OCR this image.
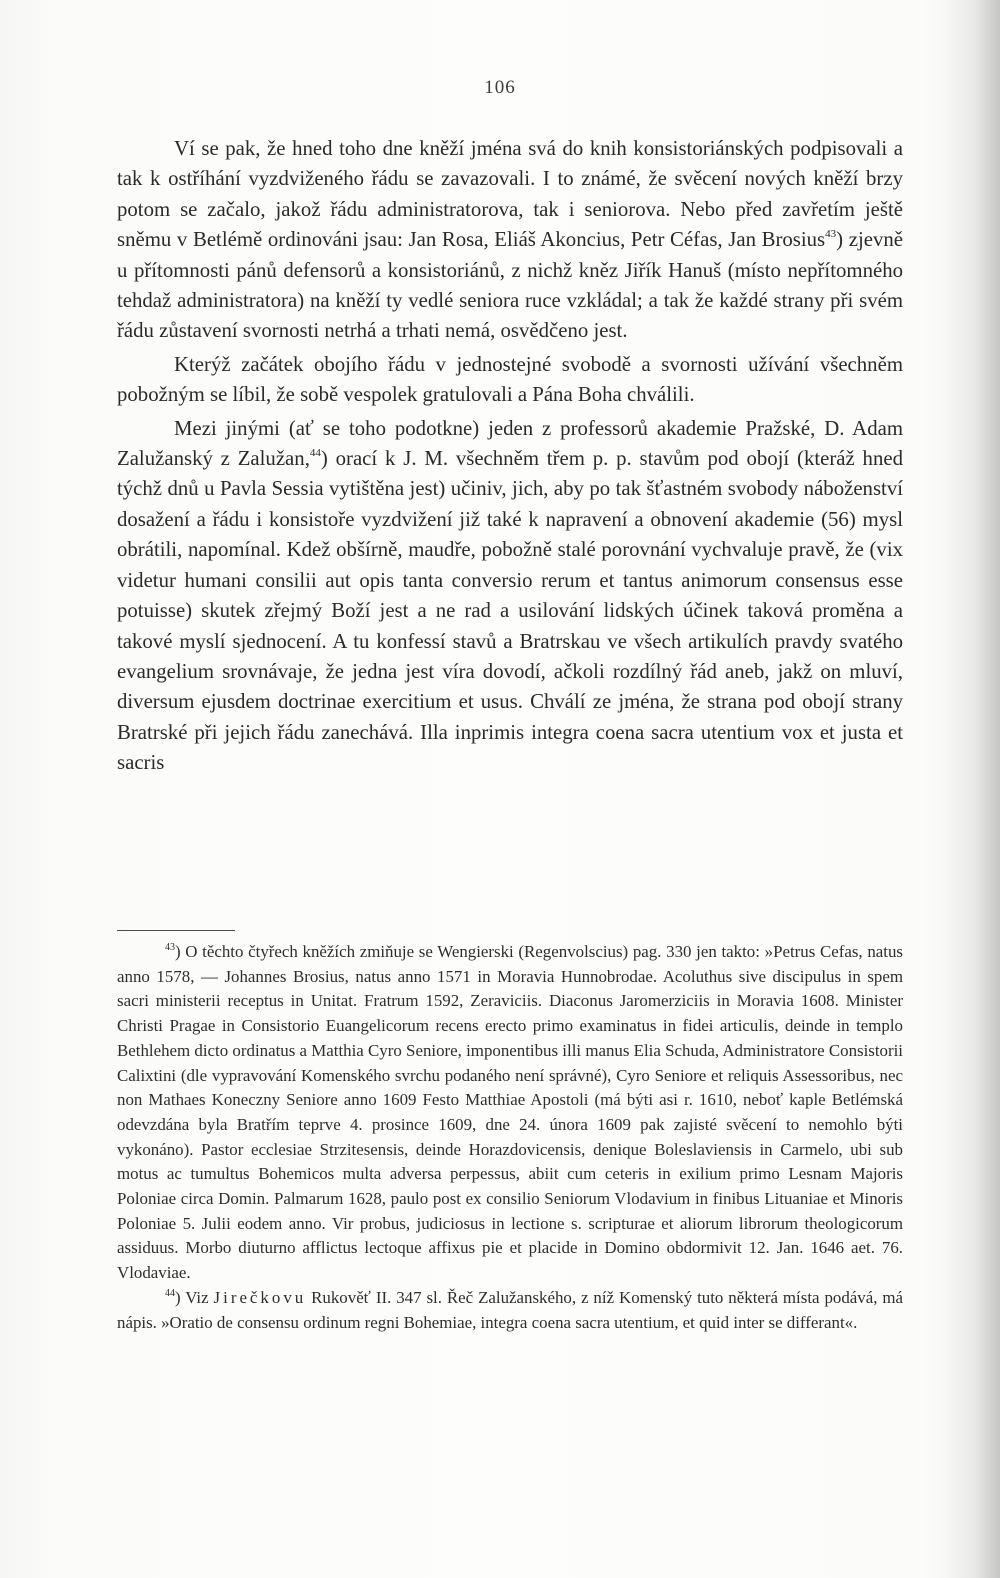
106

Ví se pak, že hned toho dne kněží jména svá do knih konsistoriánských podpisovali a tak k ostříhání vyzdviženého řádu se zavazovali. I to známé, že svěcení nových kněží brzy potom se začalo, jakož řádu administratorova, tak i seniorova. Nebo před zavřetím ještě sněmu v Betlémě ordinováni jsau: Jan Rosa, Eliáš Akoncius, Petr Céfas, Jan Brosius$^{43}$) zjevně u přítomnosti pánů defensorů a konsistoriánů, z nichž kněz Jiřík Hanuš (místo nepřítomného tehdaž administratora) na kněží ty vedlé seniora ruce vzkládal; a tak že každé strany při svém řádu zůstavení svornosti netrhá a trhati nemá, osvědčeno jest.

Kterýž začátek obojího řádu v jednostejné svobodě a svornosti užívání všechněm pobožným se líbil, že sobě vespolek gratulovali a Pána Boha chválili.

Mezi jinými (ať se toho podotkne) jeden z professorů akademie Pražské, D. Adam Zalužanský z Zalužan,$^{44}$) orací k J. M. všechněm třem p. p. stavům pod obojí (kteráž hned týchž dnů u Pavla Sessia vytištěna jest) učiniv, jich, aby po tak šťastném svobody náboženství dosažení a řádu i konsistoře vyzdvižení již také k napravení a obnovení akademie (56) mysl obrátili, napomínal. Kdež obšírně, maudře, pobožně stalé porovnání vychvaluje pravě, že (vix videtur humani consilii aut opis tanta conversio rerum et tantus animorum consensus esse potuisse) skutek zřejmý Boží jest a ne rad a usilování lidských účinek taková proměna a takové myslí sjednocení. A tu konfessí stavů a Bratrskau ve všech artikulích pravdy svatého evangelium srovnávaje, že jedna jest víra dovodí, ačkoli rozdílný řád aneb, jakž on mluví, diversum ejusdem doctrinae exercitium et usus. Chválí ze jména, že strana pod obojí strany Bratrské při jejich řádu zanechává. Illa inprimis integra coena sacra utentium vox et justa et sacris

$^{43}$) O těchto čtyřech kněžích zmiňuje se Wengierski (Regenvolscius) pag. 330 jen takto: »Petrus Cefas, natus anno 1578, — Johannes Brosius, natus anno 1571 in Moravia Hunnobrodae. Acoluthus sive discipulus in spem sacri ministerii receptus in Unitat. Fratrum 1592, Zeraviciis. Diaconus Jaromerziciis in Moravia 1608. Minister Christi Pragae in Consistorio Euangelicorum recens erecto primo examinatus in fidei articulis, deinde in templo Bethlehem dicto ordinatus a Matthia Cyro Seniore, imponentibus illi manus Elia Schuda, Administratore Consistorii Calixtini (dle vypravování Komenského svrchu podaného není správné), Cyro Seniore et reliquis Assessoribus, nec non Mathaes Koneczny Seniore anno 1609 Festo Matthiae Apostoli (má býti asi r. 1610, neboť kaple Betlémská odevzdána byla Bratřím teprve 4. prosince 1609, dne 24. února 1609 pak zajisté svěcení to nemohlo býti vykonáno). Pastor ecclesiae Strzitesensis, deinde Horazdovicensis, denique Boleslaviensis in Carmelo, ubi sub motus ac tumultus Bohemicos multa adversa perpessus, abiit cum ceteris in exilium primo Lesnam Majoris Poloniae circa Domin. Palmarum 1628, paulo post ex consilio Seniorum Vlodavium in finibus Lituaniae et Minoris Poloniae 5. Julii eodem anno. Vir probus, judiciosus in lectione s. scripturae et aliorum librorum theologicorum assiduus. Morbo diuturno afflictus lectoque affixus pie et placide in Domino obdormivit 12. Jan. 1646 aet. 76. Vlodaviae.

$^{44}$) Viz Jirečkovu Rukověť II. 347 sl. Řeč Zalužanského, z níž Komenský tuto některá místa podává, má nápis. »Oratio de consensu ordinum regni Bohemiae, integra coena sacra utentium, et quid inter se differant«.
